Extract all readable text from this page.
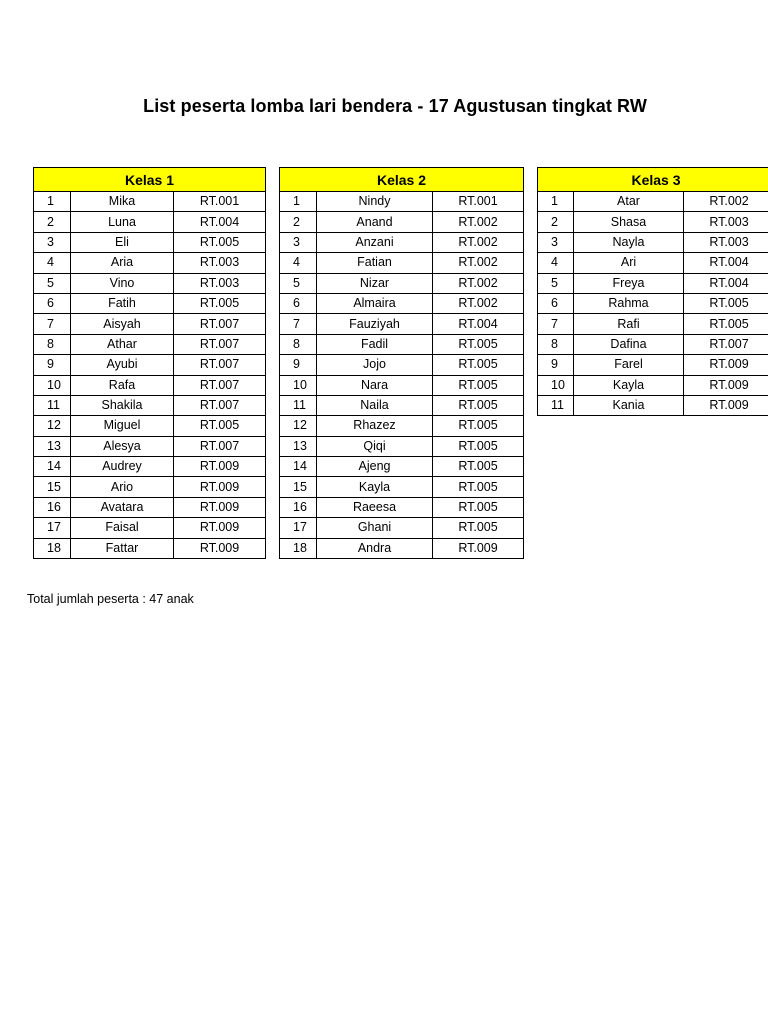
List peserta lomba lari bendera - 17 Agustusan tingkat RW
Kelas 1		
1	Mika	RT.001
2	Luna	RT.004
3	Eli	RT.005
4	Aria	RT.003
5	Vino	RT.003
6	Fatih	RT.005
7	Aisyah	RT.007
8	Athar	RT.007
9	Ayubi	RT.007
10	Rafa	RT.007
11	Shakila	RT.007
12	Miguel	RT.005
13	Alesya	RT.007
14	Audrey	RT.009
15	Ario	RT.009
16	Avatara	RT.009
17	Faisal	RT.009
18	Fattar	RT.009
Kelas 2		
1	Nindy	RT.001
2	Anand	RT.002
3	Anzani	RT.002
4	Fatian	RT.002
5	Nizar	RT.002
6	Almaira	RT.002
7	Fauziyah	RT.004
8	Fadil	RT.005
9	Jojo	RT.005
10	Nara	RT.005
11	Naila	RT.005
12	Rhazez	RT.005
13	Qiqi	RT.005
14	Ajeng	RT.005
15	Kayla	RT.005
16	Raeesa	RT.005
17	Ghani	RT.005
18	Andra	RT.009
Kelas 3		
1	Atar	RT.002
2	Shasa	RT.003
3	Nayla	RT.003
4	Ari	RT.004
5	Freya	RT.004
6	Rahma	RT.005
7	Rafi	RT.005
8	Dafina	RT.007
9	Farel	RT.009
10	Kayla	RT.009
11	Kania	RT.009
Total jumlah peserta : 47 anak
